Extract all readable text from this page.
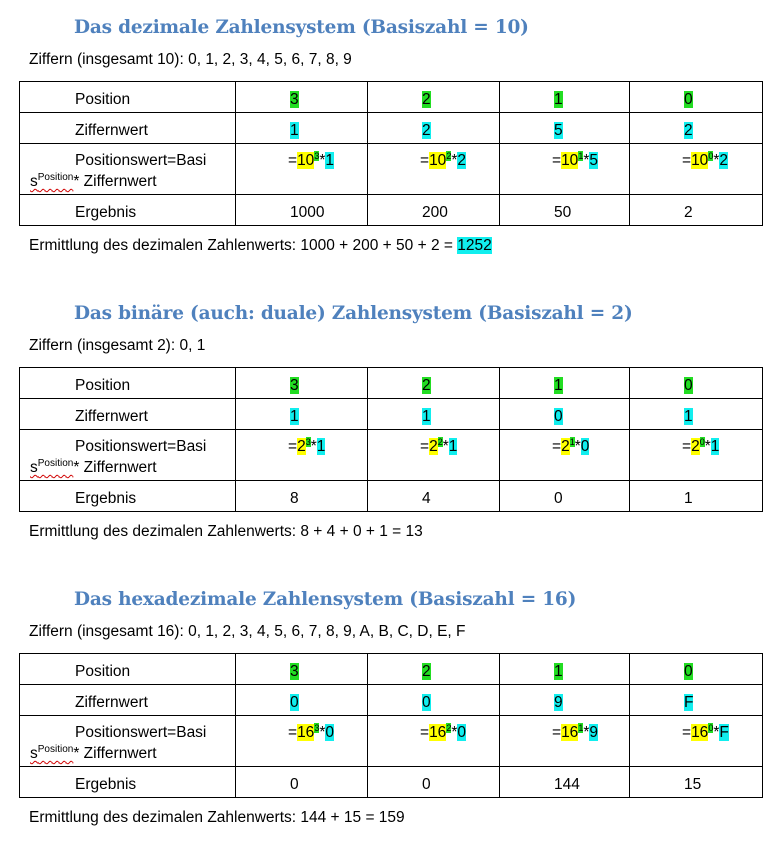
Das dezimale Zahlensystem (Basiszahl = 10)
Ziffern (insgesamt 10): 0, 1, 2, 3, 4, 5, 6, 7, 8, 9
Position	3	2	1	0

Ziffernwert	1	2	5	2

Positionswert=Basi
$s^{Position}*$ Ziffernwert	$=10^3*1$	$=10^2*2$	$=10^1*5$	$=10^0*2$

Ergebnis	1000	200	50	2
Ermittlung des dezimalen Zahlenwerts: 1000 + 200 + 50 + 2 = 1252
Das binäre (auch: duale) Zahlensystem (Basiszahl = 2)
Ziffern (insgesamt 2): 0, 1
Position	3	2	1	0

Ziffernwert	1	1	0	1

Positionswert=Basi
$s^{Position}*$ Ziffernwert	$=2^3*1$	$=2^2*1$	$=2^1*0$	$=2^0*1$

Ergebnis	8	4	0	1
Ermittlung des dezimalen Zahlenwerts: 8 + 4 + 0 + 1 = 13
Das hexadezimale Zahlensystem (Basiszahl = 16)
Ziffern (insgesamt 16): 0, 1, 2, 3, 4, 5, 6, 7, 8, 9, A, B, C, D, E, F
Position	3	2	1	0

Ziffernwert	0	0	9	F

Positionswert=Basi
$s^{Position}*$ Ziffernwert	$=16^3*0$	$=16^2*0$	$=16^1*9$	$=16^0*F$

Ergebnis	0	0	144	15
Ermittlung des dezimalen Zahlenwerts: 144 + 15 = 159
